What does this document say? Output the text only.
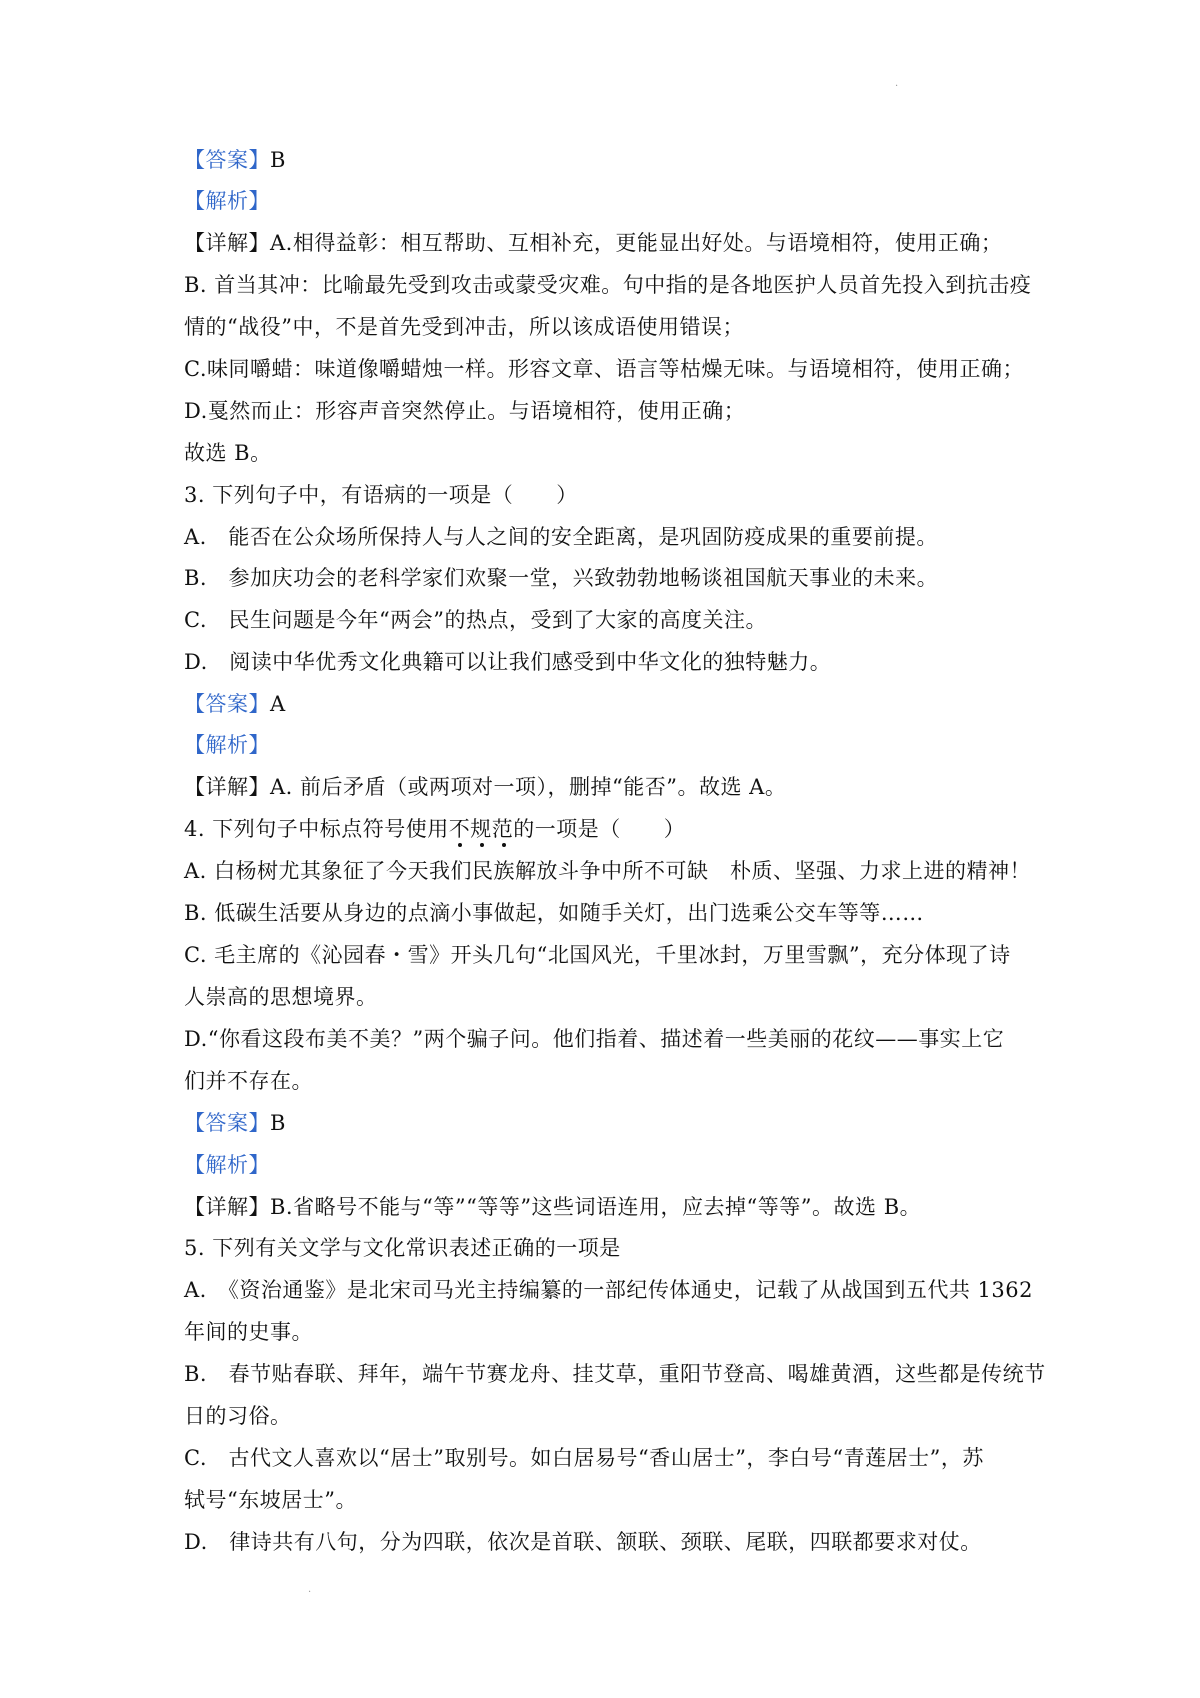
·
·
【答案】B
【解析】
【详解】A.相得益彰：相互帮助、互相补充，更能显出好处。与语境相符，使用正确；
B. 首当其冲：比喻最先受到攻击或蒙受灾难。句中指的是各地医护人员首先投入到抗击疫
情的“战役”中，不是首先受到冲击，所以该成语使用错误；
C.味同嚼蜡：味道像嚼蜡烛一样。形容文章、语言等枯燥无味。与语境相符，使用正确；
D.戛然而止：形容声音突然停止。与语境相符，使用正确；
故选 B。
3. 下列句子中，有语病的一项是（　　）
A.　能否在公众场所保持人与人之间的安全距离，是巩固防疫成果的重要前提。
B.　参加庆功会的老科学家们欢聚一堂，兴致勃勃地畅谈祖国航天事业的未来。
C.　民生问题是今年“两会”的热点，受到了大家的高度关注。
D.　阅读中华优秀文化典籍可以让我们感受到中华文化的独特魅力。
【答案】A
【解析】
【详解】A. 前后矛盾（或两项对一项），删掉“能否”。故选 A。
4. 下列句子中标点符号使用不规范
的一项是（　　）
A. 白杨树尤其象征了今天我们民族解放斗争中所不可缺　朴质、坚强、力求上进的精神！
B. 低碳生活要从身边的点滴小事做起，如随手关灯，出门选乘公交车等等……
C. 毛主席的《沁园春・雪》开头几句“北国风光，千里冰封，万里雪飘”，充分体现了诗
人崇高的思想境界。
D.“你看这段布美不美？”两个骗子问。他们指着、描述着一些美丽的花纹——事实上它
们并不存在。
【答案】B
【解析】
【详解】B.省略号不能与“等”“等等”这些词语连用，应去掉“等等”。故选 B。
5. 下列有关文学与文化常识表述正确的一项是
A.　《资治通鉴》是北宋司马光主持编纂的一部纪传体通史，记载了从战国到五代共 1362
年间的史事。
B.　春节贴春联、拜年，端午节赛龙舟、挂艾草，重阳节登高、喝雄黄酒，这些都是传统节
日的习俗。
C.　古代文人喜欢以“居士”取别号。如白居易号“香山居士”，李白号“青莲居士”，苏
轼号“东坡居士”。
D.　律诗共有八句，分为四联，依次是首联、颔联、颈联、尾联，四联都要求对仗。
